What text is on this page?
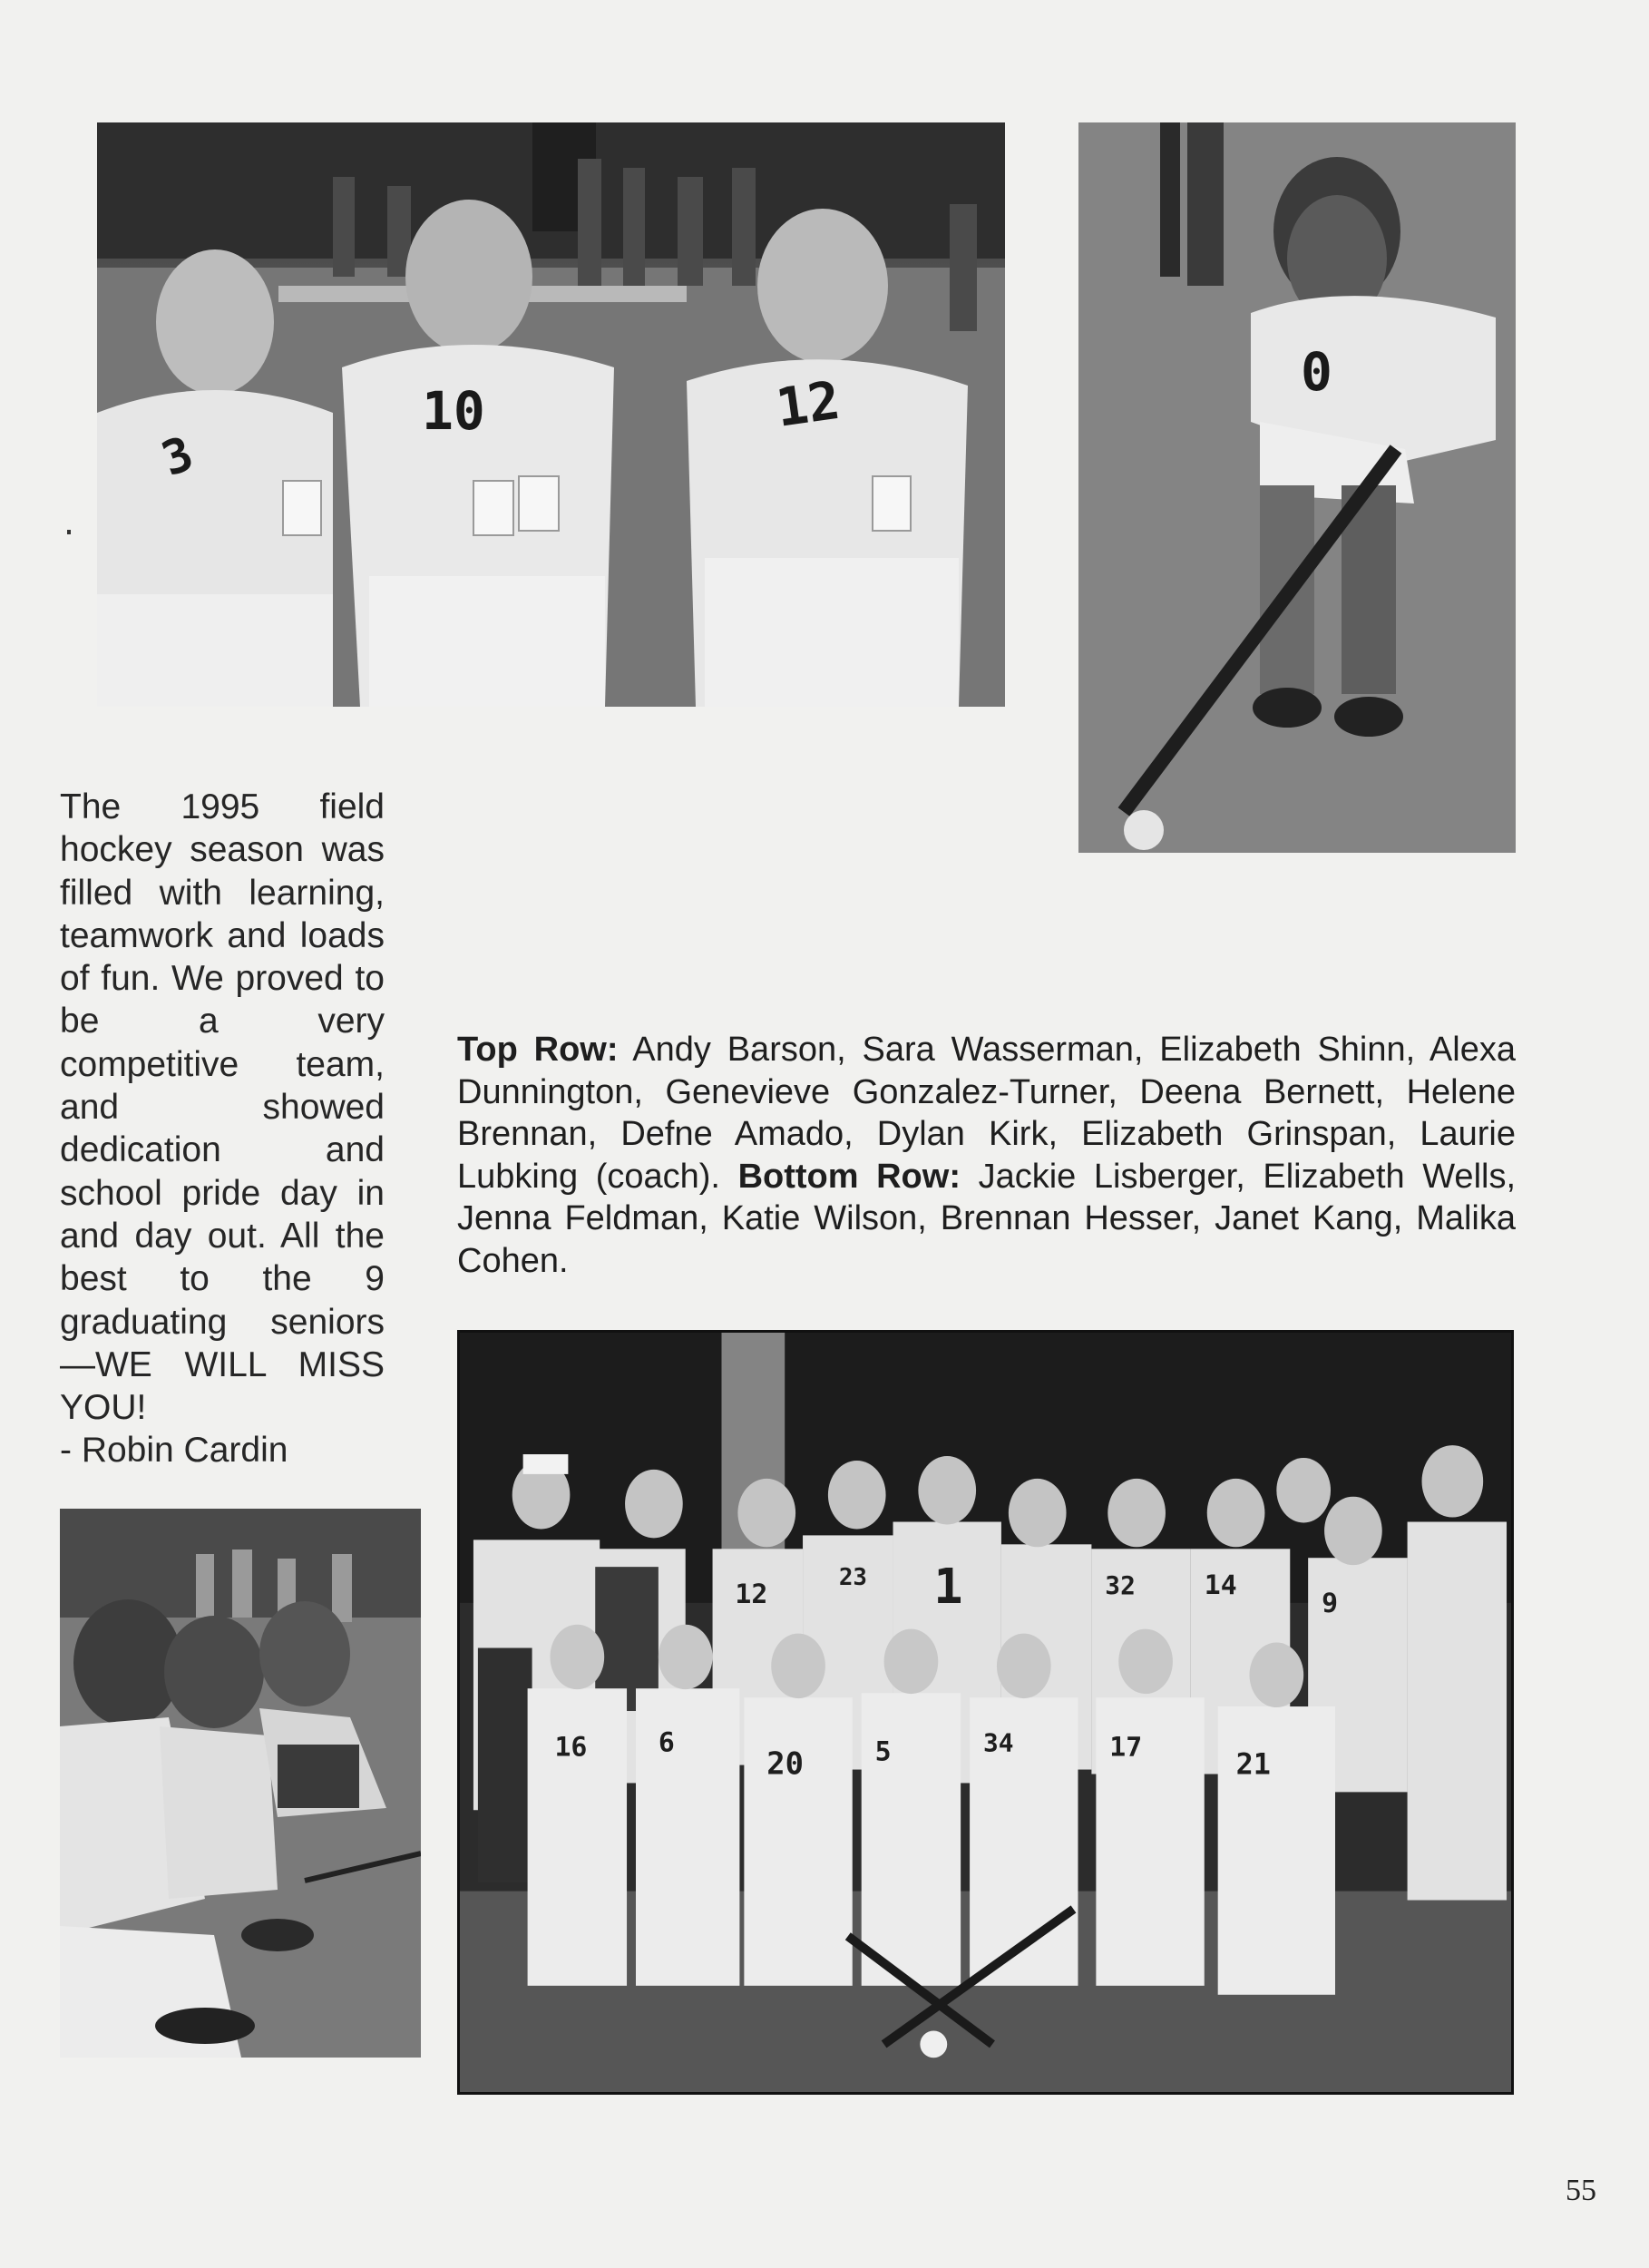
3
10	12	0
The 1995 field hockey season was filled with learning, teamwork and loads of fun. We proved to be a very competitive team, and showed dedication and school pride day in and day out. All the best to the 9 graduating seniors—WE WILL MISS YOU!
- Robin Cardin
Top Row: Andy Barson, Sara Wasserman, Elizabeth Shinn, Alexa Dunnington, Genevieve Gonzalez-Turner, Deena Bernett, Helene Brennan, Defne Amado, Dylan Kirk, Elizabeth Grinspan, Laurie Lubking (coach). Bottom Row: Jackie Lisberger, Elizabeth Wells, Jenna Feldman, Katie Wilson, Brennan Hesser, Janet Kang, Malika Cohen.
12
23 1	32	14
9
16	6
20	5	34	17
21
55
